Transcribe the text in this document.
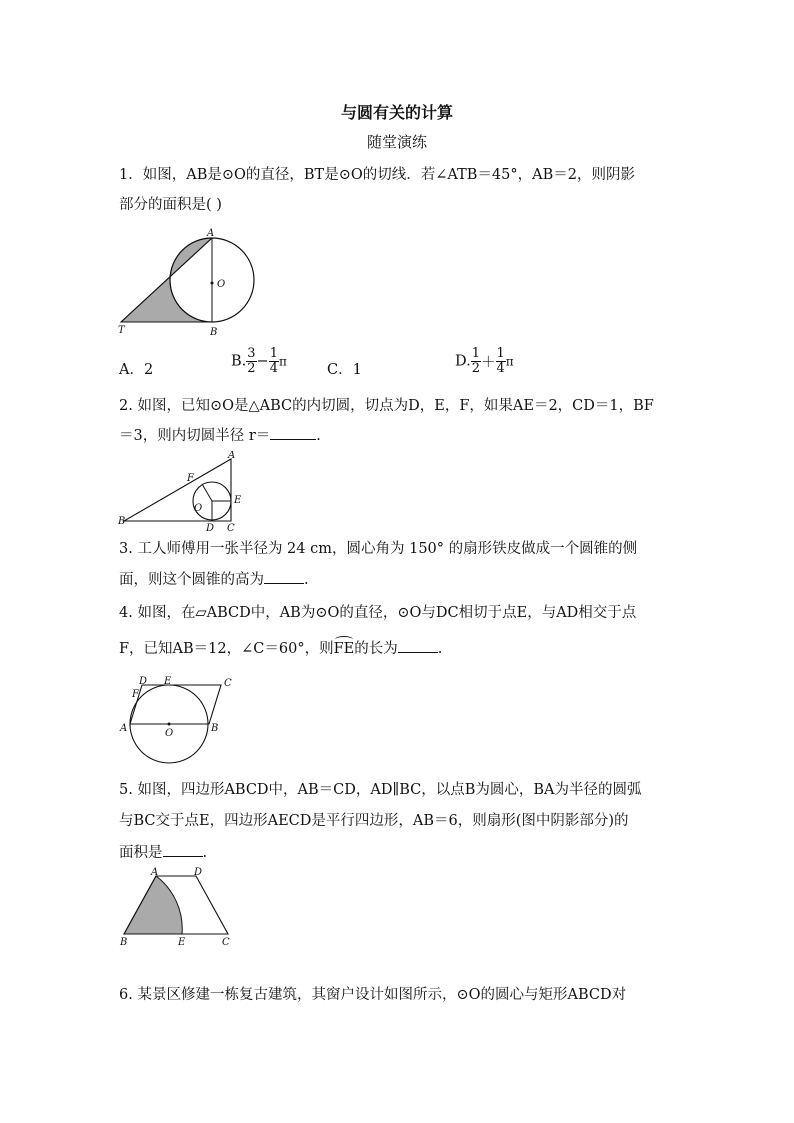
与圆有关的计算
随堂演练
1．如图，AB是⊙O的直径，BT是⊙O的切线．若∠ATB＝45°，AB＝2，则阴影
部分的面积是( )
A
O
T	B
A．2
B. $\frac{3}{2} - \frac{1}{4}$ π
C．1
D. $\frac{1}{2} + \frac{1}{4}$ π
2. 如图，已知⊙O是△ABC的内切圆，切点为D，E，F，如果AE＝2，CD＝1，BF
＝3，则内切圆半径 r＝	.
A
F
E
O
B
D C
3. 工人师傅用一张半径为 24 cm，圆心角为 150° 的扇形铁皮做成一个圆锥的侧
面，则这个圆锥的高为	.
4. 如图，在▱ABCD中，AB为⊙O的直径，⊙O与DC相切于点E，与AD相交于点
F，已知AB＝12，∠C＝60°，则FE的长为	.
D E	C
F
A	O	B
5. 如图，四边形ABCD中，AB＝CD，AD∥BC，以点B为圆心，BA为半径的圆弧
与BC交于点E，四边形AECD是平行四边形，AB＝6，则扇形(图中阴影部分)的
面积是	.
A	D
B	E	C
6. 某景区修建一栋复古建筑，其窗户设计如图所示，⊙O的圆心与矩形ABCD对
